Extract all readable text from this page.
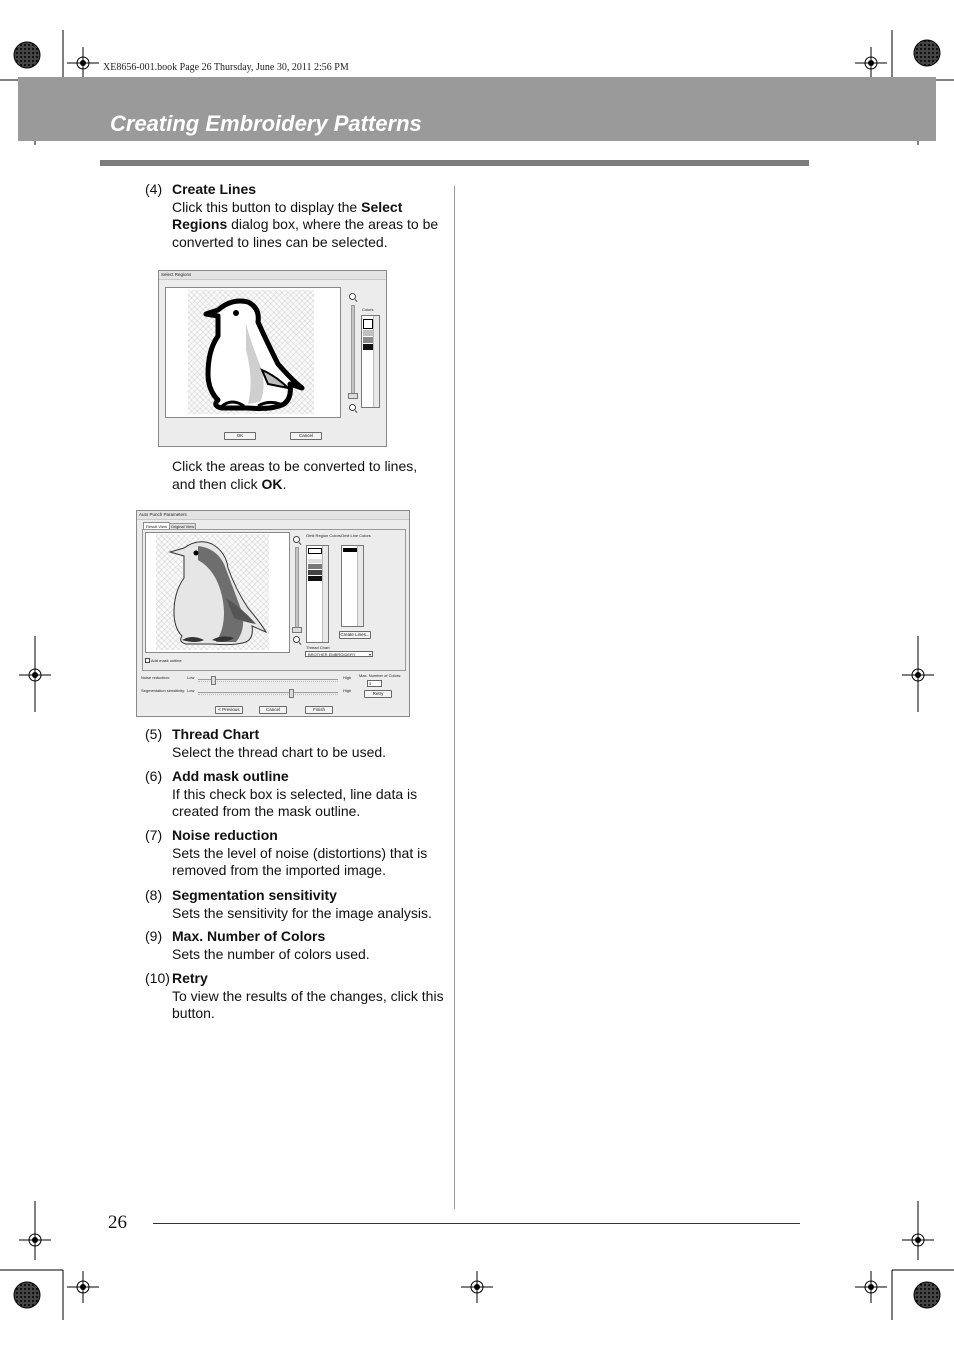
XE8656-001.book Page 26 Thursday, June 30, 2011 2:56 PM
Creating Embroidery Patterns
(4) Create Lines
Click this button to display the Select Regions dialog box, where the areas to be converted to lines can be selected.
Select Regions
Colors
OK	Cancel
Click the areas to be converted to lines, and then click OK.
Auto Punch Parameters
Result View Original View
Add mask outline
Omit Region Colors Omit Line Colors
Create Lines...
Thread Chart
BROTHER EMBROIDERY	▾
Noise reduction:	Low	High Max. Number of Colors:
5
Segmentation sensitivity: Low	High
Retry
< Previous	Cancel	Finish
(5) Thread Chart
Select the thread chart to be used.
(6) Add mask outline
If this check box is selected, line data is created from the mask outline.
(7) Noise reduction
Sets the level of noise (distortions) that is removed from the imported image.
(8) Segmentation sensitivity
Sets the sensitivity for the image analysis.
(9) Max. Number of Colors
Sets the number of colors used.
(10) Retry
To view the results of the changes, click this button.
26
